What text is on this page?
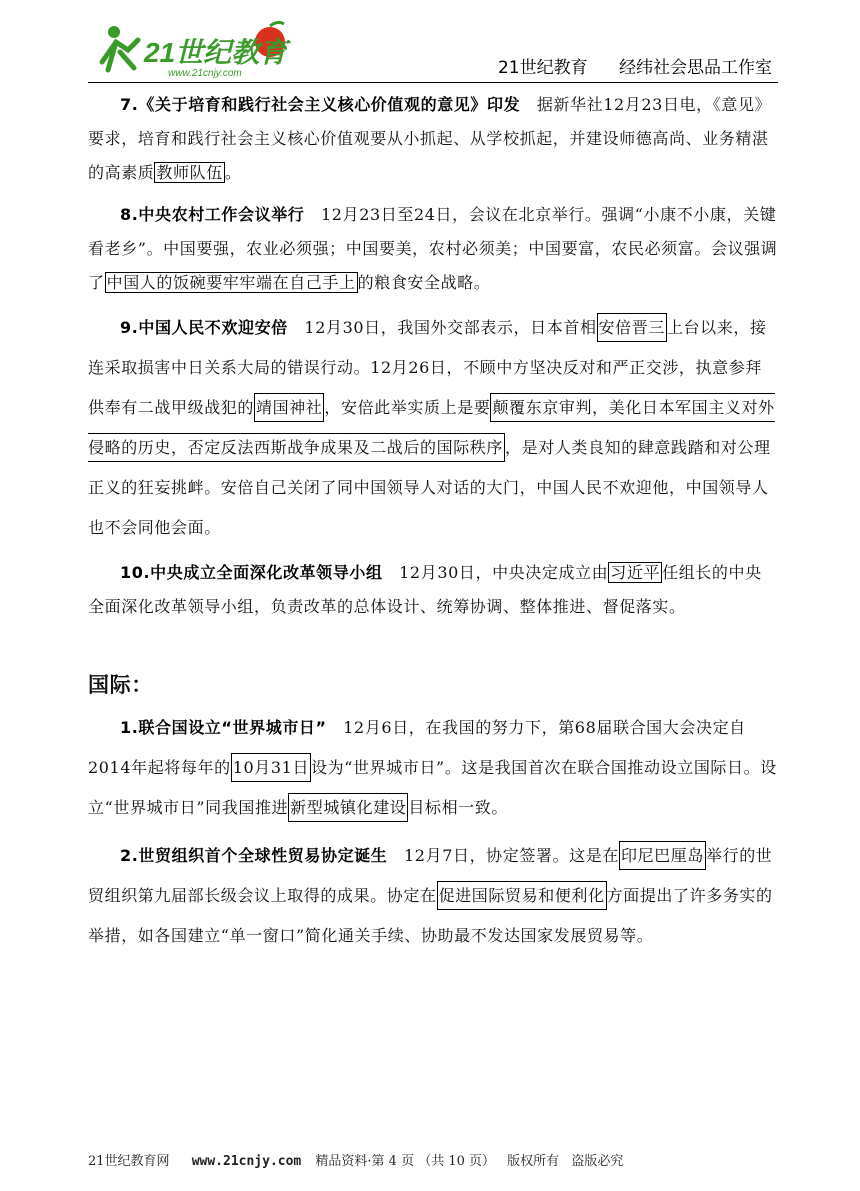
21世纪教育
www.21cnjy.com	21世纪教育 经纬社会思品工作室

7.《关于培育和践行社会主义核心价值观的意见》印发　 据新华社12月23日电，《意见》要求，培育和践行社会主义核心价值观要从小抓起、从学校抓起，并建设师德高尚、业务精湛的高素质 教师队伍 。

8.中央农村工作会议举行　 12月23日至24日，会议在北京举行。强调“小康不小康，关键看老乡”。中国要强，农业必须强；中国要美，农村必须美；中国要富，农民必须富。会议强调了 中国人的饭碗要牢牢端在自己手上 的粮食安全战略。

9.中国人民不欢迎安倍　 12月30日，我国外交部表示，日本首相 安倍晋三 上台以来，接连采取损害中日关系大局的错误行动。12月26日，不顾中方坚决反对和严正交涉，执意参拜供奉有二战甲级战犯的 靖国神社 ，安倍此举实质上是要 颠覆东京审判，美化日本军国主义对外侵略的历史，否定反法西斯战争成果及二战后的国际秩序 ，是对人类良知的肆意践踏和对公理正义的狂妄挑衅。安倍自己关闭了同中国领导人对话的大门，中国人民不欢迎他，中国领导人也不会同他会面。

10.中央成立全面深化改革领导小组　 12月30日，中央决定成立由 习近平 任组长的中央全面深化改革领导小组，负责改革的总体设计、统筹协调、整体推进、督促落实。

国际：

1.联合国设立“世界城市日”　 12月6日，在我国的努力下，第68届联合国大会决定自2014年起将每年的 10月31日 设为“世界城市日”。这是我国首次在联合国推动设立国际日。设立“世界城市日”同我国推进 新型城镇化建设 目标相一致。

2.世贸组织首个全球性贸易协定诞生　 12月7日，协定签署。这是在 印尼巴厘岛 举行的世贸组织第九届部长级会议上取得的成果。协定在 促进国际贸易和便利化 方面提出了许多务实的举措，如各国建立“单一窗口”简化通关手续、协助最不发达国家发展贸易等。

21世纪教育网 www.21cnjy.com 精品资料·第 4 页 （共 10 页） 版权所有 盗版必究
